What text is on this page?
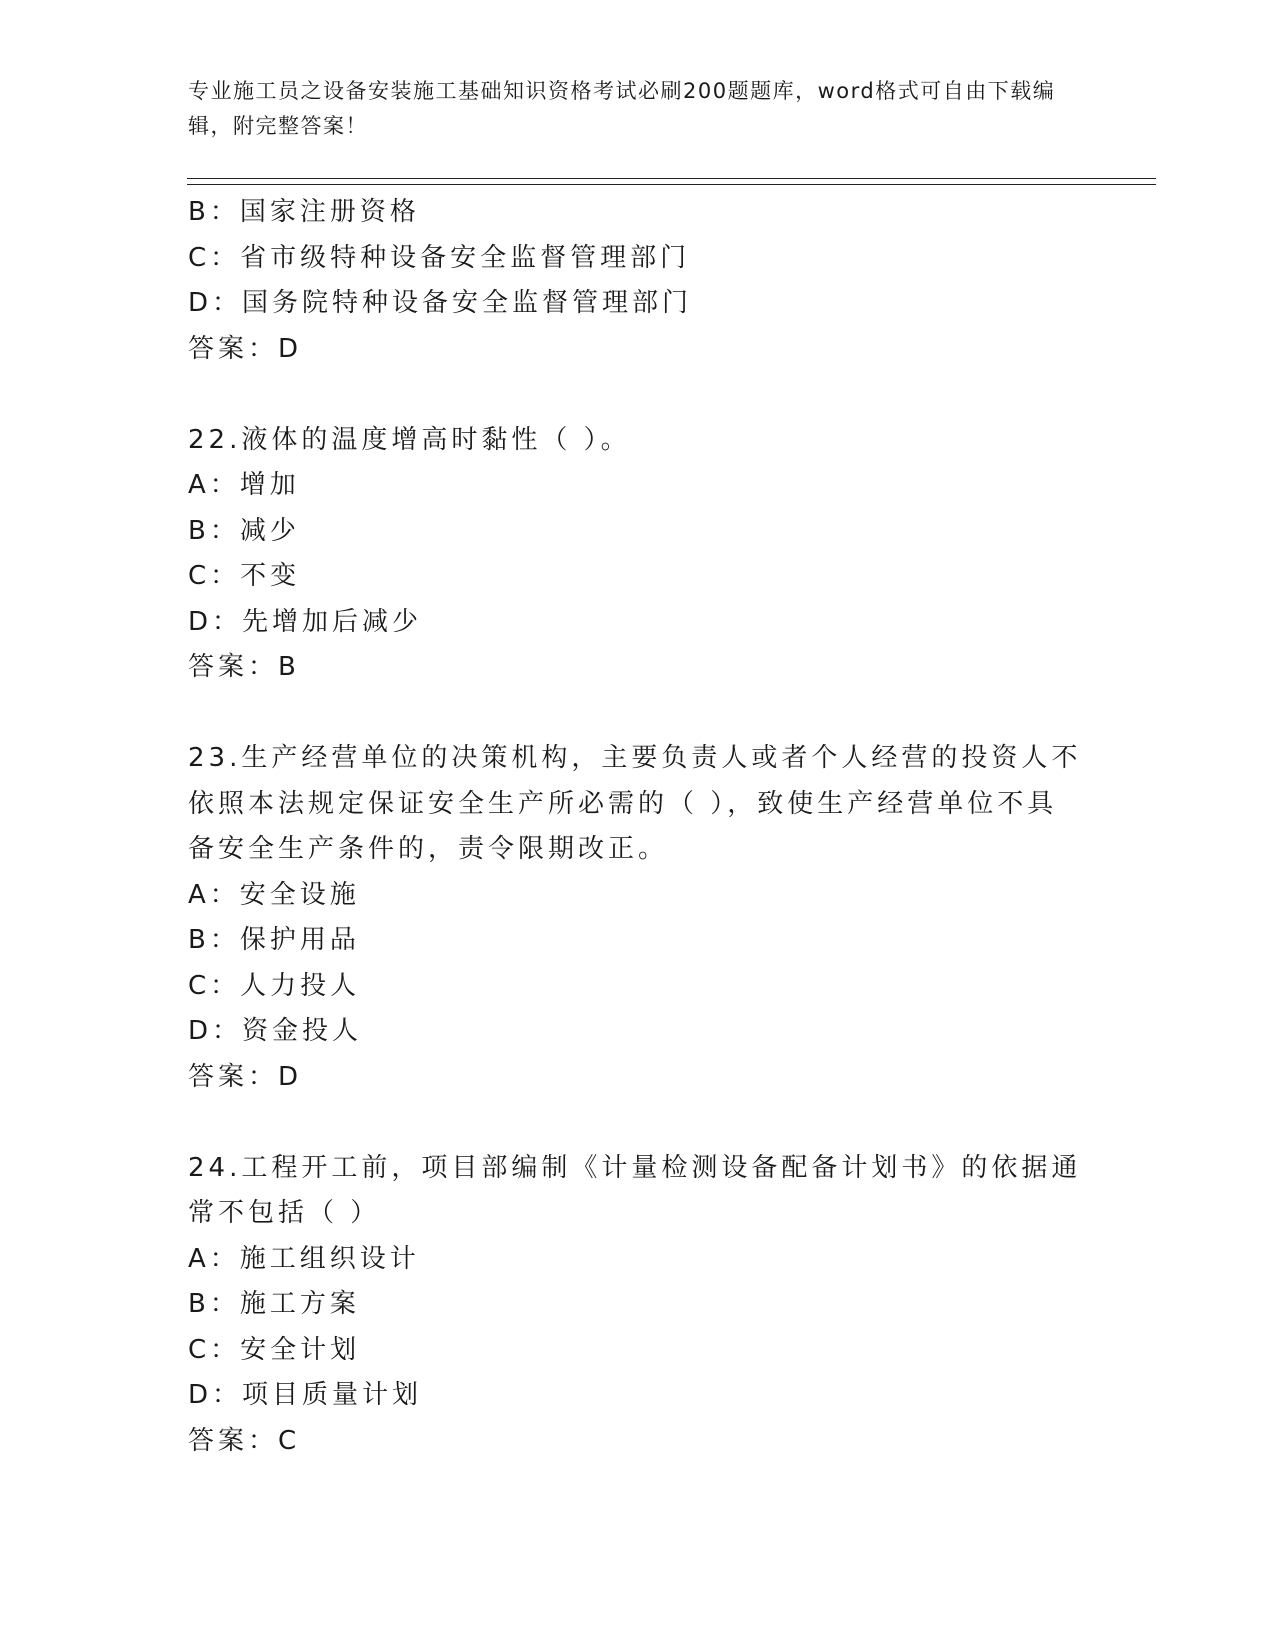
专业施工员之设备安装施工基础知识资格考试必刷200题题库，word格式可自由下载编辑，附完整答案！

B：国家注册资格

C：省市级特种设备安全监督管理部门

D：国务院特种设备安全监督管理部门

答案：D

22.液体的温度增高时黏性（ ）。

A：增加

B：减少

C：不变

D：先增加后减少

答案：B

23.生产经营单位的决策机构，主要负责人或者个人经营的投资人不依照本法规定保证安全生产所必需的（ ），致使生产经营单位不具备安全生产条件的，责令限期改正。

A：安全设施

B：保护用品

C：人力投人

D：资金投人

答案：D

24.工程开工前，项目部编制《计量检测设备配备计划书》的依据通常不包括（ ）

A：施工组织设计

B：施工方案

C：安全计划

D：项目质量计划

答案：C
